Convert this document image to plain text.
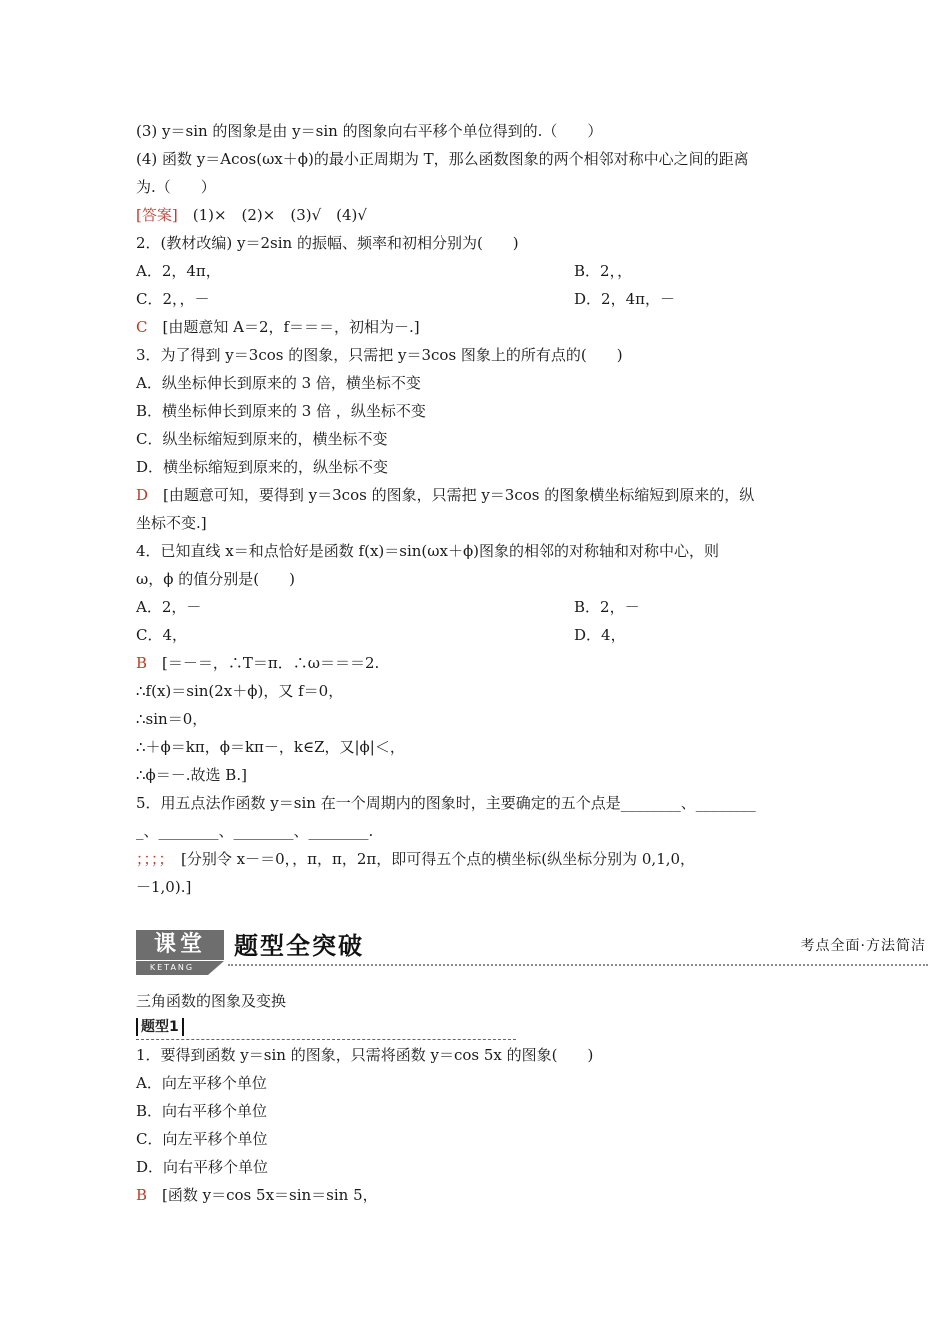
(3) y＝sin 的图象是由 y＝sin 的图象向右平移个单位得到的.（　　）
(4) 函数 y＝Acos(ωx＋ϕ)的最小正周期为 T，那么函数图象的两个相邻对称中心之间的距离
为.（　　）
[答案]　(1)×　(2)×　(3)√　(4)√
2．(教材改编) y＝2sin 的振幅、频率和初相分别为(　　)
A．2，4π，	B．2，，
C．2，，－	D．2，4π，－
C　[由题意知 A＝2，f＝＝＝，初相为－.]
3．为了得到 y＝3cos 的图象，只需把 y＝3cos 图象上的所有点的(　　)
A．纵坐标伸长到原来的 3 倍，横坐标不变
B．横坐标伸长到原来的 3 倍 ，纵坐标不变
C．纵坐标缩短到原来的，横坐标不变
D．横坐标缩短到原来的，纵坐标不变
D　[由题意可知，要得到 y＝3cos 的图象，只需把 y＝3cos 的图象横坐标缩短到原来的，纵
坐标不变.]
4．已知直线 x＝和点恰好是函数 f(x)＝sin(ωx＋ϕ)图象的相邻的对称轴和对称中心，则
ω，ϕ 的值分别是(　　)
A．2，－	B．2，－
C．4，	D．4，
B　[＝－＝，∴T＝π．∴ω＝＝＝2.
∴f(x)＝sin(2x＋ϕ)，又 f＝0，
∴sin＝0，
∴＋ϕ＝kπ，ϕ＝kπ－，k∈Z，又|ϕ|＜，
∴ϕ＝－.故选 B.]
5．用五点法作函数 y＝sin 在一个周期内的图象时，主要确定的五个点是________、________
_、________、________、________.
；；；；　[分别令 x－＝0，，π，π，2π，即可得五个点的横坐标(纵坐标分别为 0,1,0，
－1,0).]
课堂
KETANG
题型全突破	考点全面·方法简洁
三角函数的图象及变换
题型1
1．要得到函数 y＝sin 的图象，只需将函数 y＝cos 5x 的图象(　　)
A．向左平移个单位
B．向右平移个单位
C．向左平移个单位
D．向右平移个单位
B　[函数 y＝cos 5x＝sin＝sin 5，
